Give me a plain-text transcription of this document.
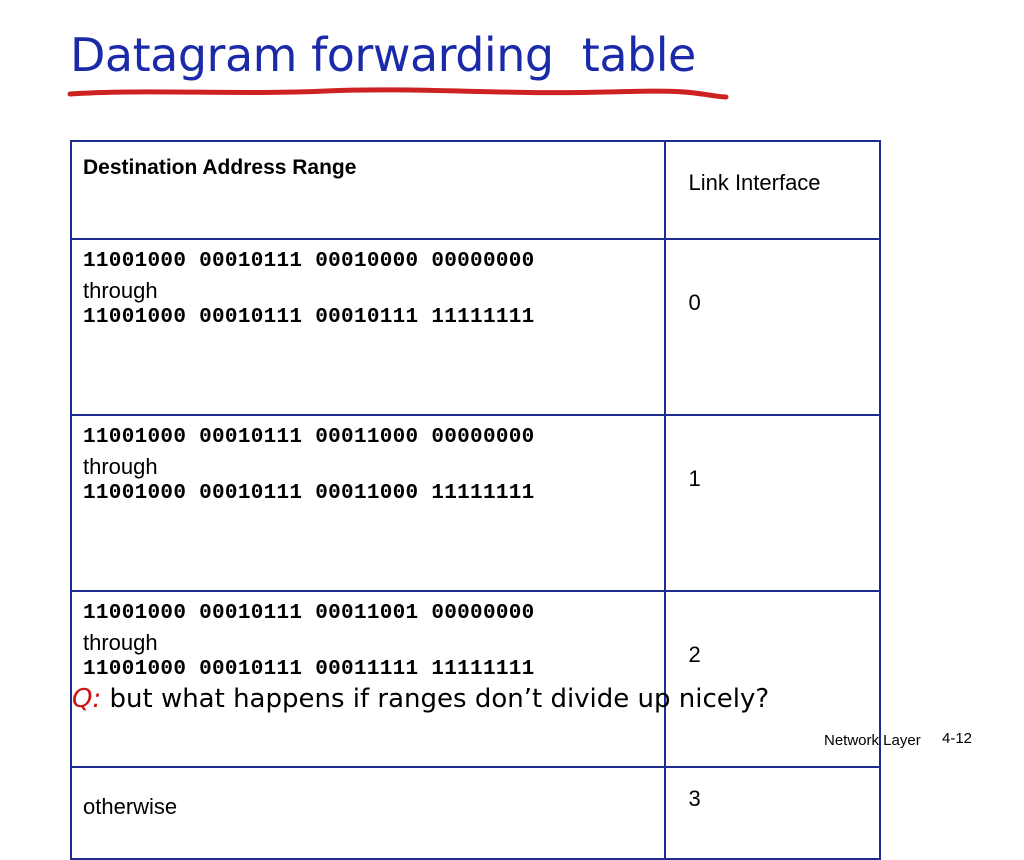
Datagram forwarding  table
Destination Address Range	Link Interface

11001000 00010111 00010000 00000000
through
11001000 00010111 00010111 11111111	0

11001000 00010111 00011000 00000000
through
11001000 00010111 00011000 11111111	1

11001000 00010111 00011001 00000000
through
11001000 00010111 00011111 11111111	2
otherwise	3
Q: but what happens if ranges don’t divide up nicely?
Network Layer 4-12
